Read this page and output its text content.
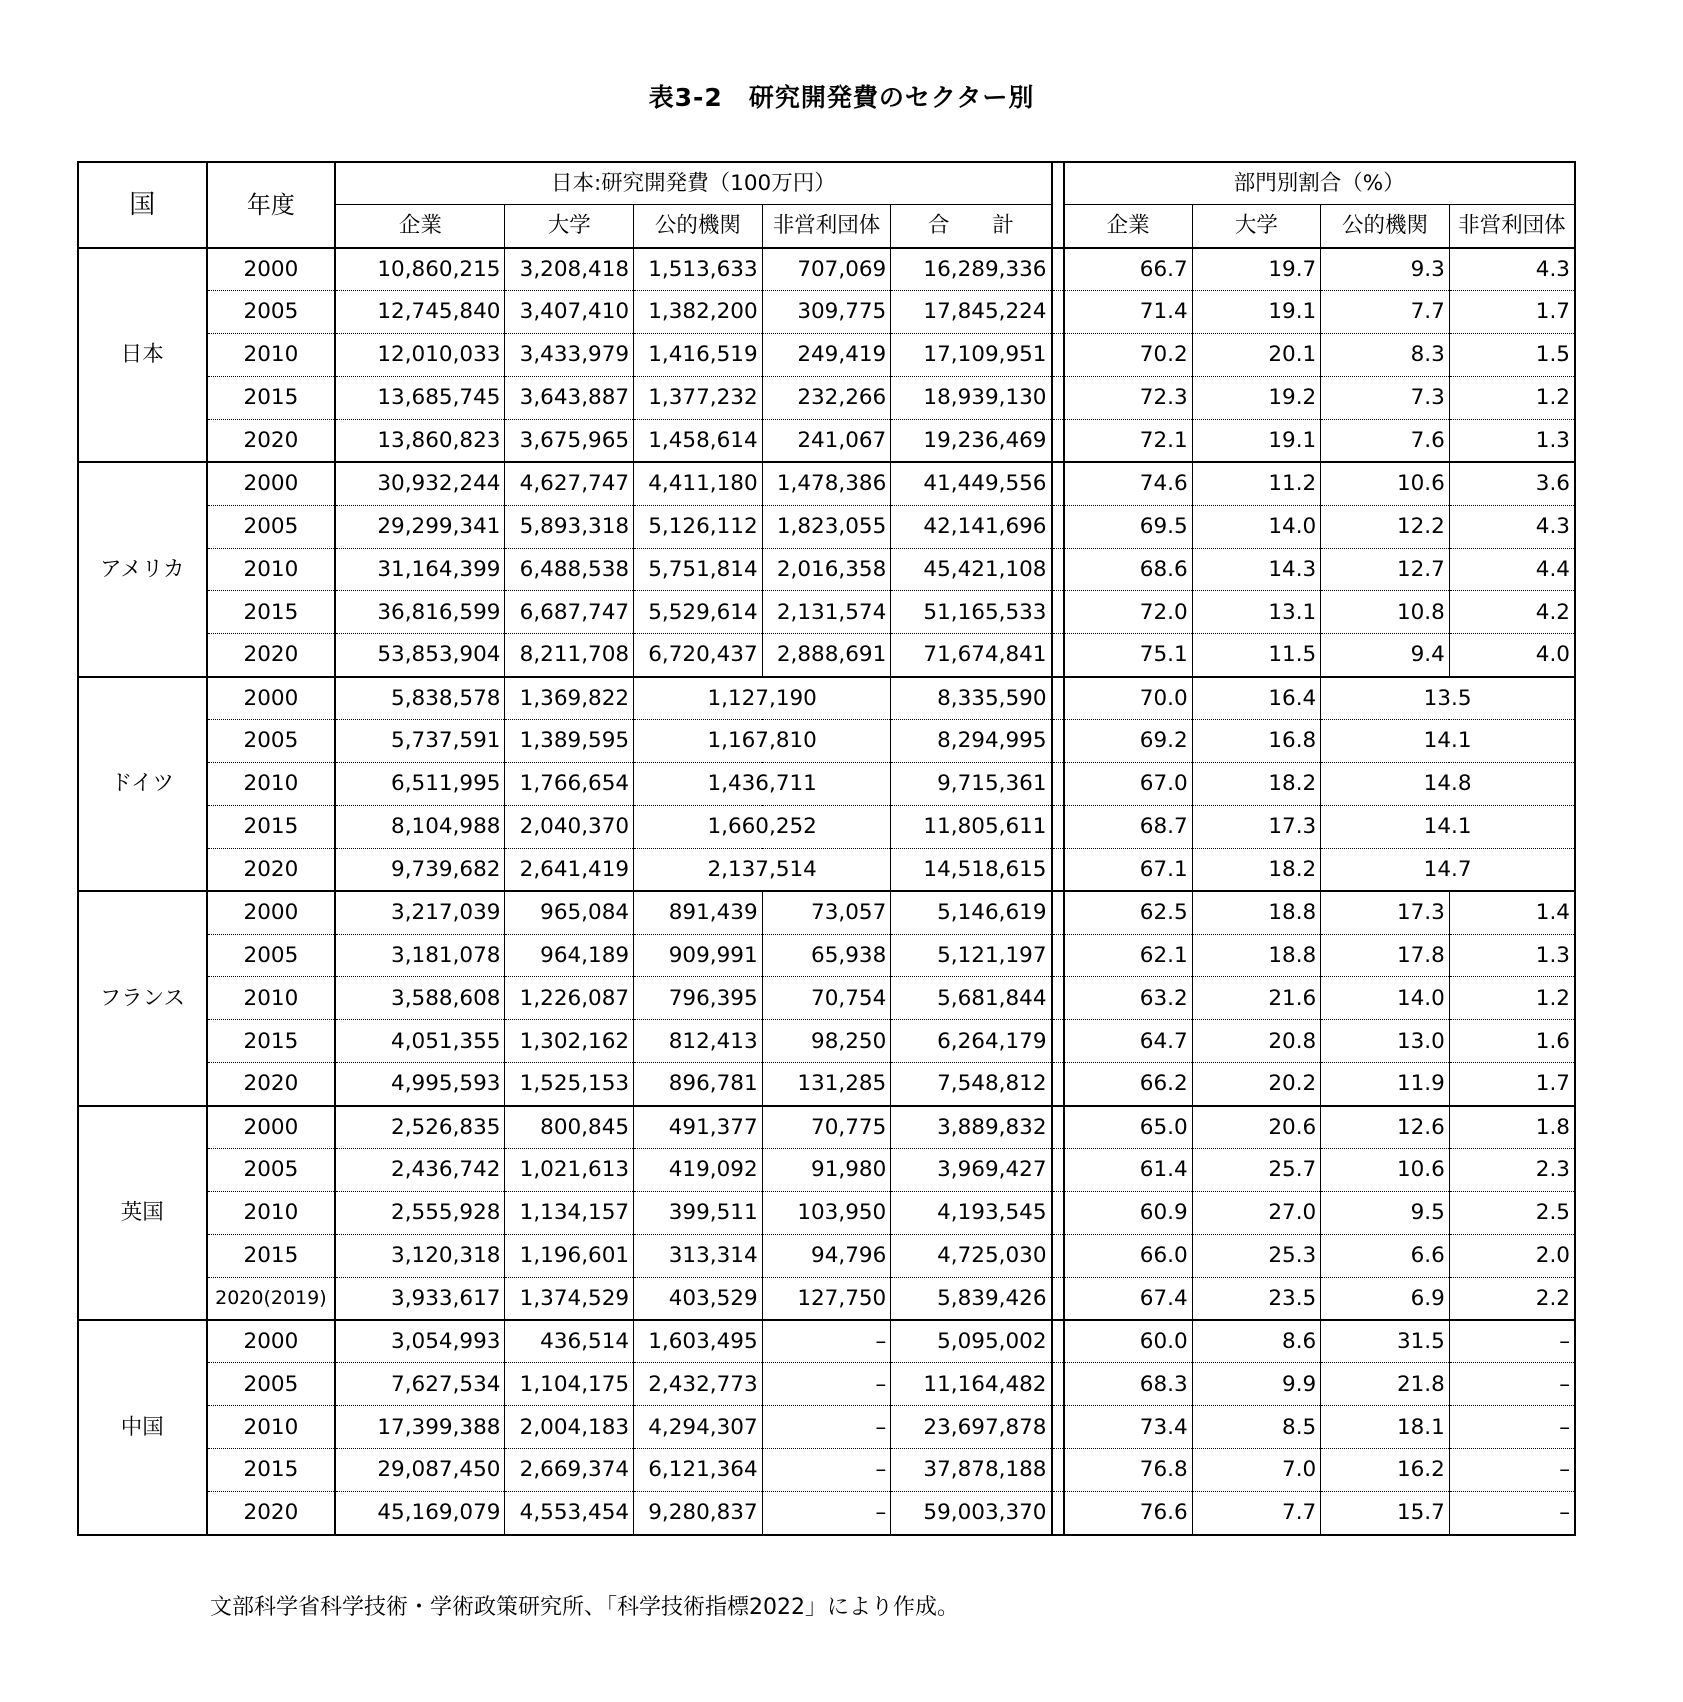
表3-2　研究開発費のセクター別
国	年度	日本:研究開発費（100万円）						部門別割合（%）			
		企業	大学	公的機関	非営利団体	合　　計		企業	大学	公的機関	非営利団体
日本	2000	10,860,215	3,208,418	1,513,633	707,069	16,289,336		66.7	19.7	9.3	4.3
	2005	12,745,840	3,407,410	1,382,200	309,775	17,845,224		71.4	19.1	7.7	1.7
	2010	12,010,033	3,433,979	1,416,519	249,419	17,109,951		70.2	20.1	8.3	1.5
	2015	13,685,745	3,643,887	1,377,232	232,266	18,939,130		72.3	19.2	7.3	1.2
	2020	13,860,823	3,675,965	1,458,614	241,067	19,236,469		72.1	19.1	7.6	1.3
アメリカ	2000	30,932,244	4,627,747	4,411,180	1,478,386	41,449,556		74.6	11.2	10.6	3.6
	2005	29,299,341	5,893,318	5,126,112	1,823,055	42,141,696		69.5	14.0	12.2	4.3
	2010	31,164,399	6,488,538	5,751,814	2,016,358	45,421,108		68.6	14.3	12.7	4.4
	2015	36,816,599	6,687,747	5,529,614	2,131,574	51,165,533		72.0	13.1	10.8	4.2
	2020	53,853,904	8,211,708	6,720,437	2,888,691	71,674,841		75.1	11.5	9.4	4.0
ドイツ	2000	5,838,578	1,369,822	1,127,190		8,335,590		70.0	16.4	13.5	
	2005	5,737,591	1,389,595	1,167,810		8,294,995		69.2	16.8	14.1	
	2010	6,511,995	1,766,654	1,436,711		9,715,361		67.0	18.2	14.8	
	2015	8,104,988	2,040,370	1,660,252		11,805,611		68.7	17.3	14.1	
	2020	9,739,682	2,641,419	2,137,514		14,518,615		67.1	18.2	14.7	
フランス	2000	3,217,039	965,084	891,439	73,057	5,146,619		62.5	18.8	17.3	1.4
	2005	3,181,078	964,189	909,991	65,938	5,121,197		62.1	18.8	17.8	1.3
	2010	3,588,608	1,226,087	796,395	70,754	5,681,844		63.2	21.6	14.0	1.2
	2015	4,051,355	1,302,162	812,413	98,250	6,264,179		64.7	20.8	13.0	1.6
	2020	4,995,593	1,525,153	896,781	131,285	7,548,812		66.2	20.2	11.9	1.7
英国	2000	2,526,835	800,845	491,377	70,775	3,889,832		65.0	20.6	12.6	1.8
	2005	2,436,742	1,021,613	419,092	91,980	3,969,427		61.4	25.7	10.6	2.3
	2010	2,555,928	1,134,157	399,511	103,950	4,193,545		60.9	27.0	9.5	2.5
	2015	3,120,318	1,196,601	313,314	94,796	4,725,030		66.0	25.3	6.6	2.0
	2020(2019)	3,933,617	1,374,529	403,529	127,750	5,839,426		67.4	23.5	6.9	2.2
中国	2000	3,054,993	436,514	1,603,495	–	5,095,002		60.0	8.6	31.5	–
	2005	7,627,534	1,104,175	2,432,773	–	11,164,482		68.3	9.9	21.8	–
	2010	17,399,388	2,004,183	4,294,307	–	23,697,878		73.4	8.5	18.1	–
	2015	29,087,450	2,669,374	6,121,364	–	37,878,188		76.8	7.0	16.2	–
	2020	45,169,079	4,553,454	9,280,837	–	59,003,370		76.6	7.7	15.7	–
文部科学省科学技術・学術政策研究所、「科学技術指標2022」により作成。
